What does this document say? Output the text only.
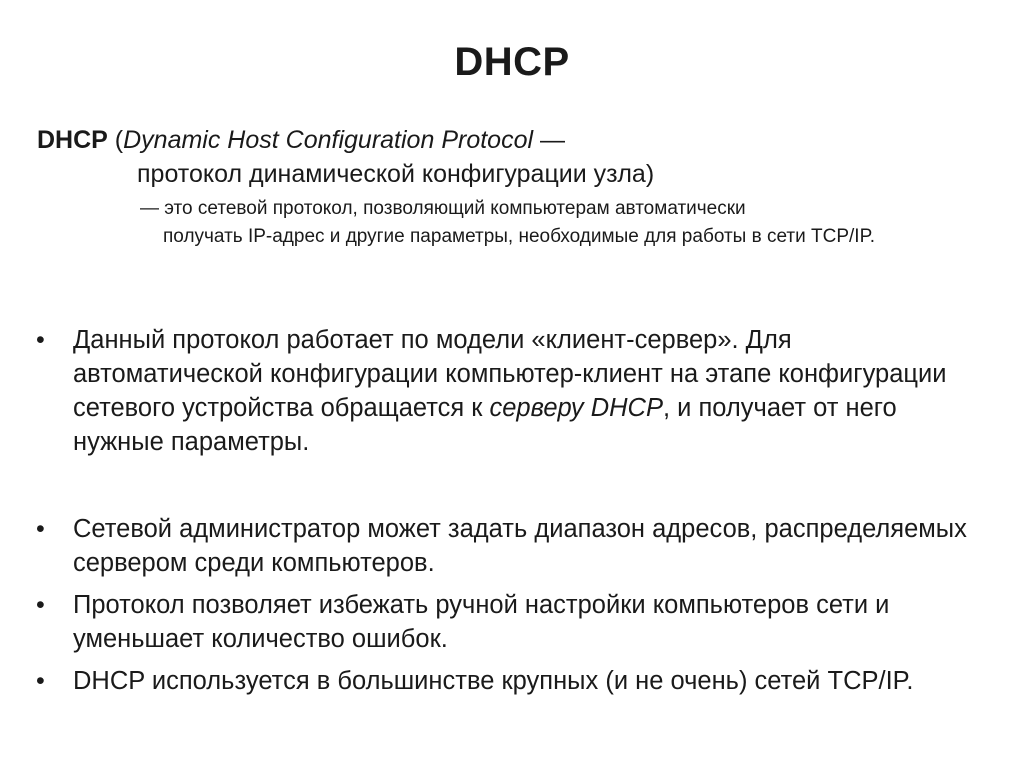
DHCP
DHCP (Dynamic Host Configuration Protocol —
протокол динамической конфигурации узла)
— это сетевой протокол, позволяющий компьютерам автоматически
получать IP-адрес и другие параметры, необходимые для работы в сети TCP/IP.
•	Данный протокол работает по модели «клиент-сервер». Для автоматической конфигурации компьютер-клиент на этапе конфигурации сетевого устройства обращается к серверу DHCP, и получает от него нужные параметры.
•	Сетевой администратор может задать диапазон адресов, распределяемых сервером среди компьютеров.
•	Протокол позволяет избежать ручной настройки компьютеров сети и уменьшает количество ошибок.
•	DHCP используется в большинстве крупных (и не очень) сетей TCP/IP.
